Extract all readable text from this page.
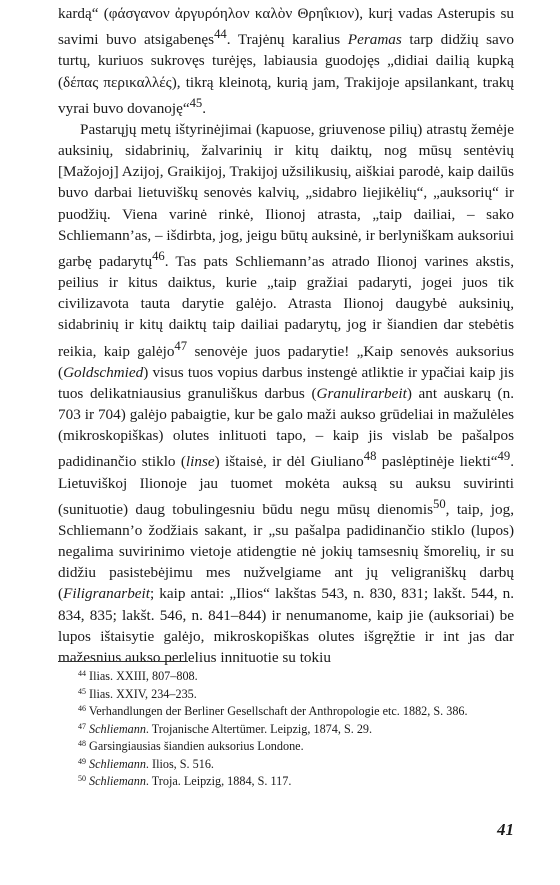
kardą“ (φάσγανον ἀργυρόηλον καλὸν Θρηΐκιον), kurį vadas Asterupis su savimi buvo atsigabenęs$^{44}$. Trajėnų karalius Peramas tarp didžių savo turtų, kuriuos sukrovęs turėjęs, labiausia guodojęs „didiai dailią kupką (δέπας περικαλλές), tikrą kleinotą, kurią jam, Trakijoje apsilankant, trakų vyrai buvo dovanoję“$^{45}$.

Pastarųjų metų ištyrinėjimai (kapuose, griuvenose pilių) atrastų žemėje auksinių, sidabrinių, žalvarinių ir kitų daiktų, nog mūsų sentėvių [Mažojoj] Azijoj, Graikijoj, Trakijoj užsilikusių, aiškiai parodė, kaip dailūs buvo darbai lietuviškų senovės kalvių, „sidabro liejikėlių“, „auksorių“ ir puodžių. Viena varinė rinkė, Ilionoj atrasta, „taip dailiai, – sako Schliemann’as, – išdirbta, jog, jeigu būtų auksinė, ir berlyniškam auksoriui garbę padarytų$^{46}$. Tas pats Schliemann’as atrado Ilionoj varines akstis, peilius ir kitus daiktus, kurie „taip gražiai padaryti, jogei juos tik civilizavota tauta darytie galėjo. Atrasta Ilionoj daugybė auksinių, sidabrinių ir kitų daiktų taip dailiai padarytų, jog ir šiandien dar stebėtis reikia, kaip galėjo$^{47}$ senovėje juos padarytie! „Kaip senovės auksorius (Goldschmied) visus tuos vopius darbus instengė atliktie ir ypačiai kaip jis tuos delikatniausius granuliškus darbus (Granulirarbeit) ant auskarų (n. 703 ir 704) galėjo pabaigtie, kur be galo maži aukso grūdeliai in mažulėles (mikroskopiškas) olutes inlituoti tapo, – kaip jis vislab be pašalpos padidinančio stiklo (linse) ištaisė, ir dėl Giuliano$^{48}$ paslėptinėje liekti“$^{49}$. Lietuviškoj Ilionoje jau tuomet mokėta auksą su auksu suvirinti (sunituotie) daug tobulingesniu būdu negu mūsų dienomis$^{50}$, taip, jog, Schliemann’o žodžiais sakant, ir „su pašalpa padidinančio stiklo (lupos) negalima suvirinimo vietoje atidengtie nė jokių tamsesnių šmorelių, ir su didžiu pasistebėjimu mes nužvelgiame ant jų veligraniškų darbų (Filigranarbeit; kaip antai: „Ilios“ lakštas 543, n. 830, 831; lakšt. 544, n. 834, 835; lakšt. 546, n. 841–844) ir nenumanome, kaip jie (auksoriai) be lupos ištaisytie galėjo, mikroskopiškas olutes išgręžtie ir int jas dar mažesnius aukso perlelius innituotie su tokiu

$^{44}$ Ilias. XXIII, 807–808.

$^{45}$ Ilias. XXIV, 234–235.

$^{46}$ Verhandlungen der Berliner Gesellschaft der Anthropologie etc. 1882, S. 386.

$^{47}$ Schliemann. Trojanische Altertümer. Leipzig, 1874, S. 29.

$^{48}$ Garsingiausias šiandien auksorius Londone.

$^{49}$ Schliemann. Ilios, S. 516.

$^{50}$ Schliemann. Troja. Leipzig, 1884, S. 117.

41
